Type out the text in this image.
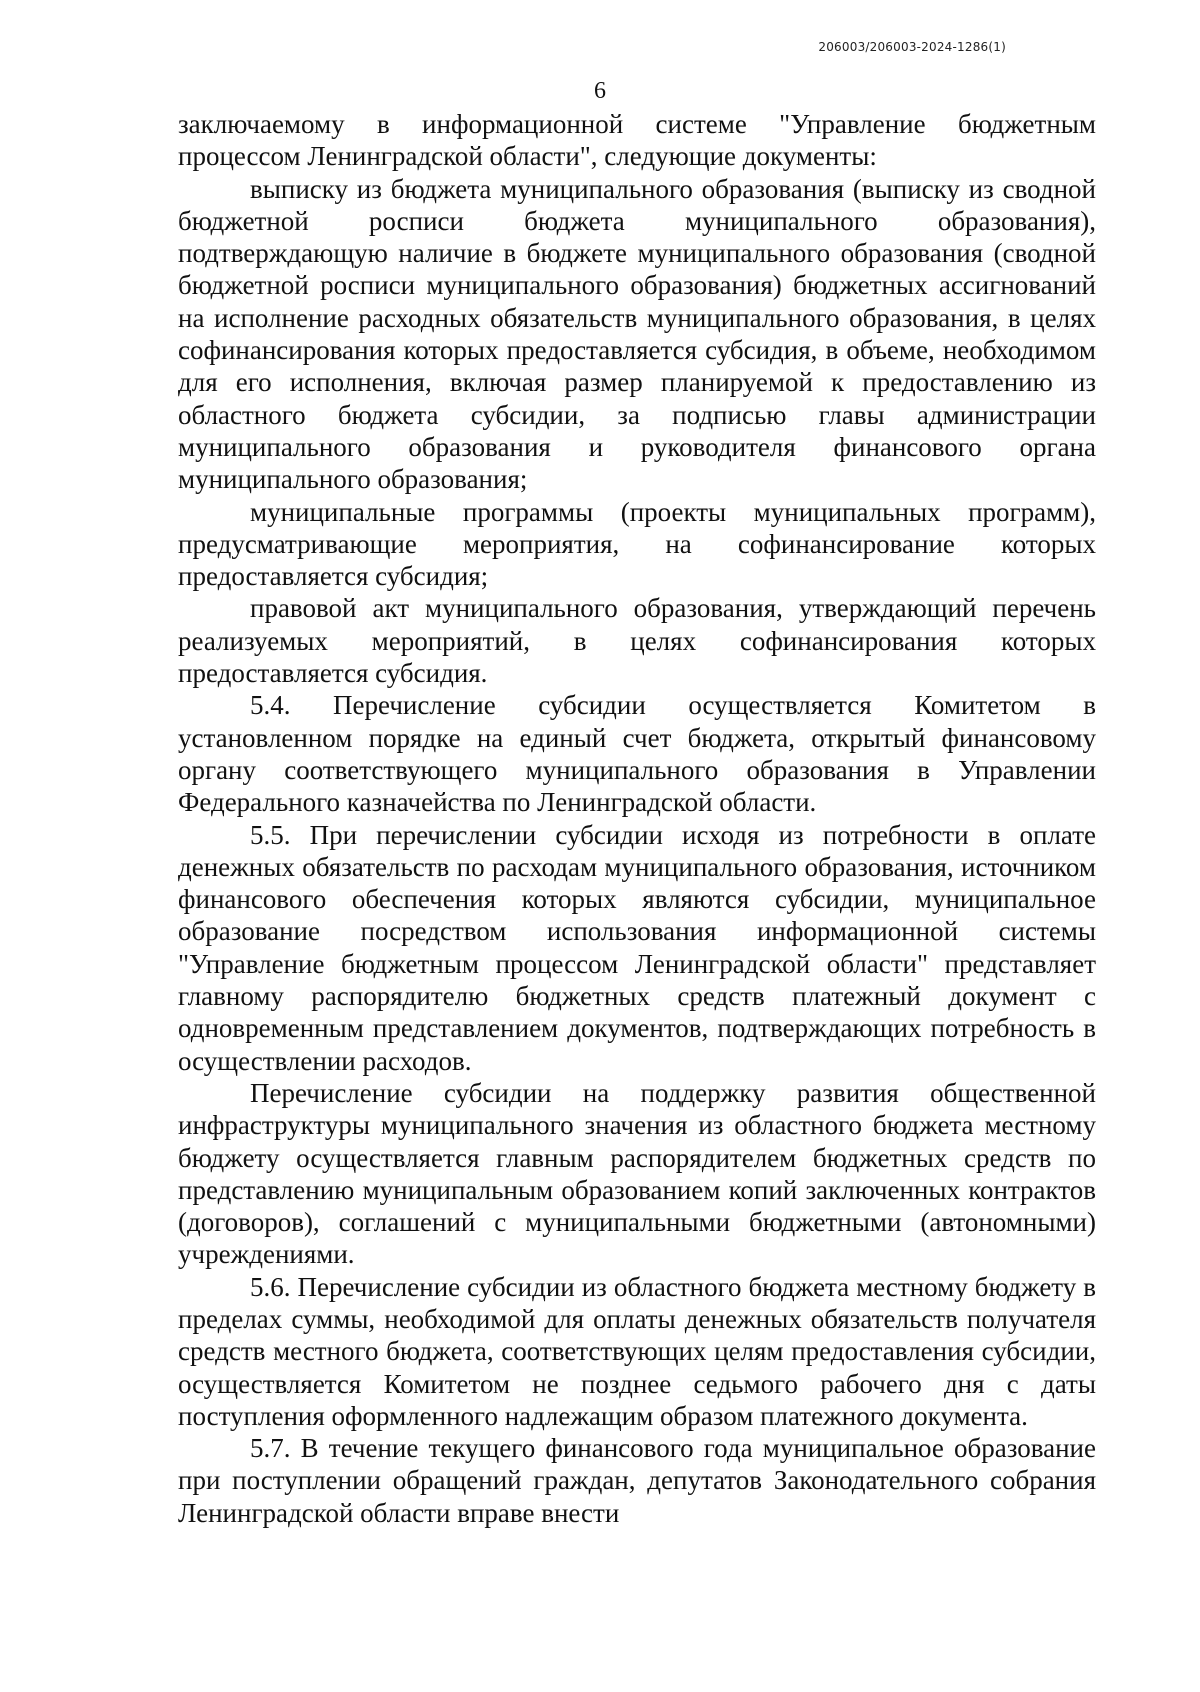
206003/206003-2024-1286(1)
6

заключаемому в информационной системе "Управление бюджетным процессом Ленинградской области", следующие документы:

выписку из бюджета муниципального образования (выписку из сводной бюджетной росписи бюджета муниципального образования), подтверждающую наличие в бюджете муниципального образования (сводной бюджетной росписи муниципального образования) бюджетных ассигнований на исполнение расходных обязательств муниципального образования, в целях софинансирования которых предоставляется субсидия, в объеме, необходимом для его исполнения, включая размер планируемой к предоставлению из областного бюджета субсидии, за подписью главы администрации муниципального образования и руководителя финансового органа муниципального образования;

муниципальные программы (проекты муниципальных программ), предусматривающие мероприятия, на софинансирование которых предоставляется субсидия;

правовой акт муниципального образования, утверждающий перечень реализуемых мероприятий, в целях софинансирования которых предоставляется субсидия.

5.4. Перечисление субсидии осуществляется Комитетом в установленном порядке на единый счет бюджета, открытый финансовому органу соответствующего муниципального образования в Управлении Федерального казначейства по Ленинградской области.

5.5. При перечислении субсидии исходя из потребности в оплате денежных обязательств по расходам муниципального образования, источником финансового обеспечения которых являются субсидии, муниципальное образование посредством использования информационной системы "Управление бюджетным процессом Ленинградской области" представляет главному распорядителю бюджетных средств платежный документ с одновременным представлением документов, подтверждающих потребность в осуществлении расходов.

Перечисление субсидии на поддержку развития общественной инфраструктуры муниципального значения из областного бюджета местному бюджету осуществляется главным распорядителем бюджетных средств по представлению муниципальным образованием копий заключенных контрактов (договоров), соглашений с муниципальными бюджетными (автономными) учреждениями.

5.6. Перечисление субсидии из областного бюджета местному бюджету в пределах суммы, необходимой для оплаты денежных обязательств получателя средств местного бюджета, соответствующих целям предоставления субсидии, осуществляется Комитетом не позднее седьмого рабочего дня с даты поступления оформленного надлежащим образом платежного документа.

5.7. В течение текущего финансового года муниципальное образование при поступлении обращений граждан, депутатов Законодательного собрания Ленинградской области вправе внести
